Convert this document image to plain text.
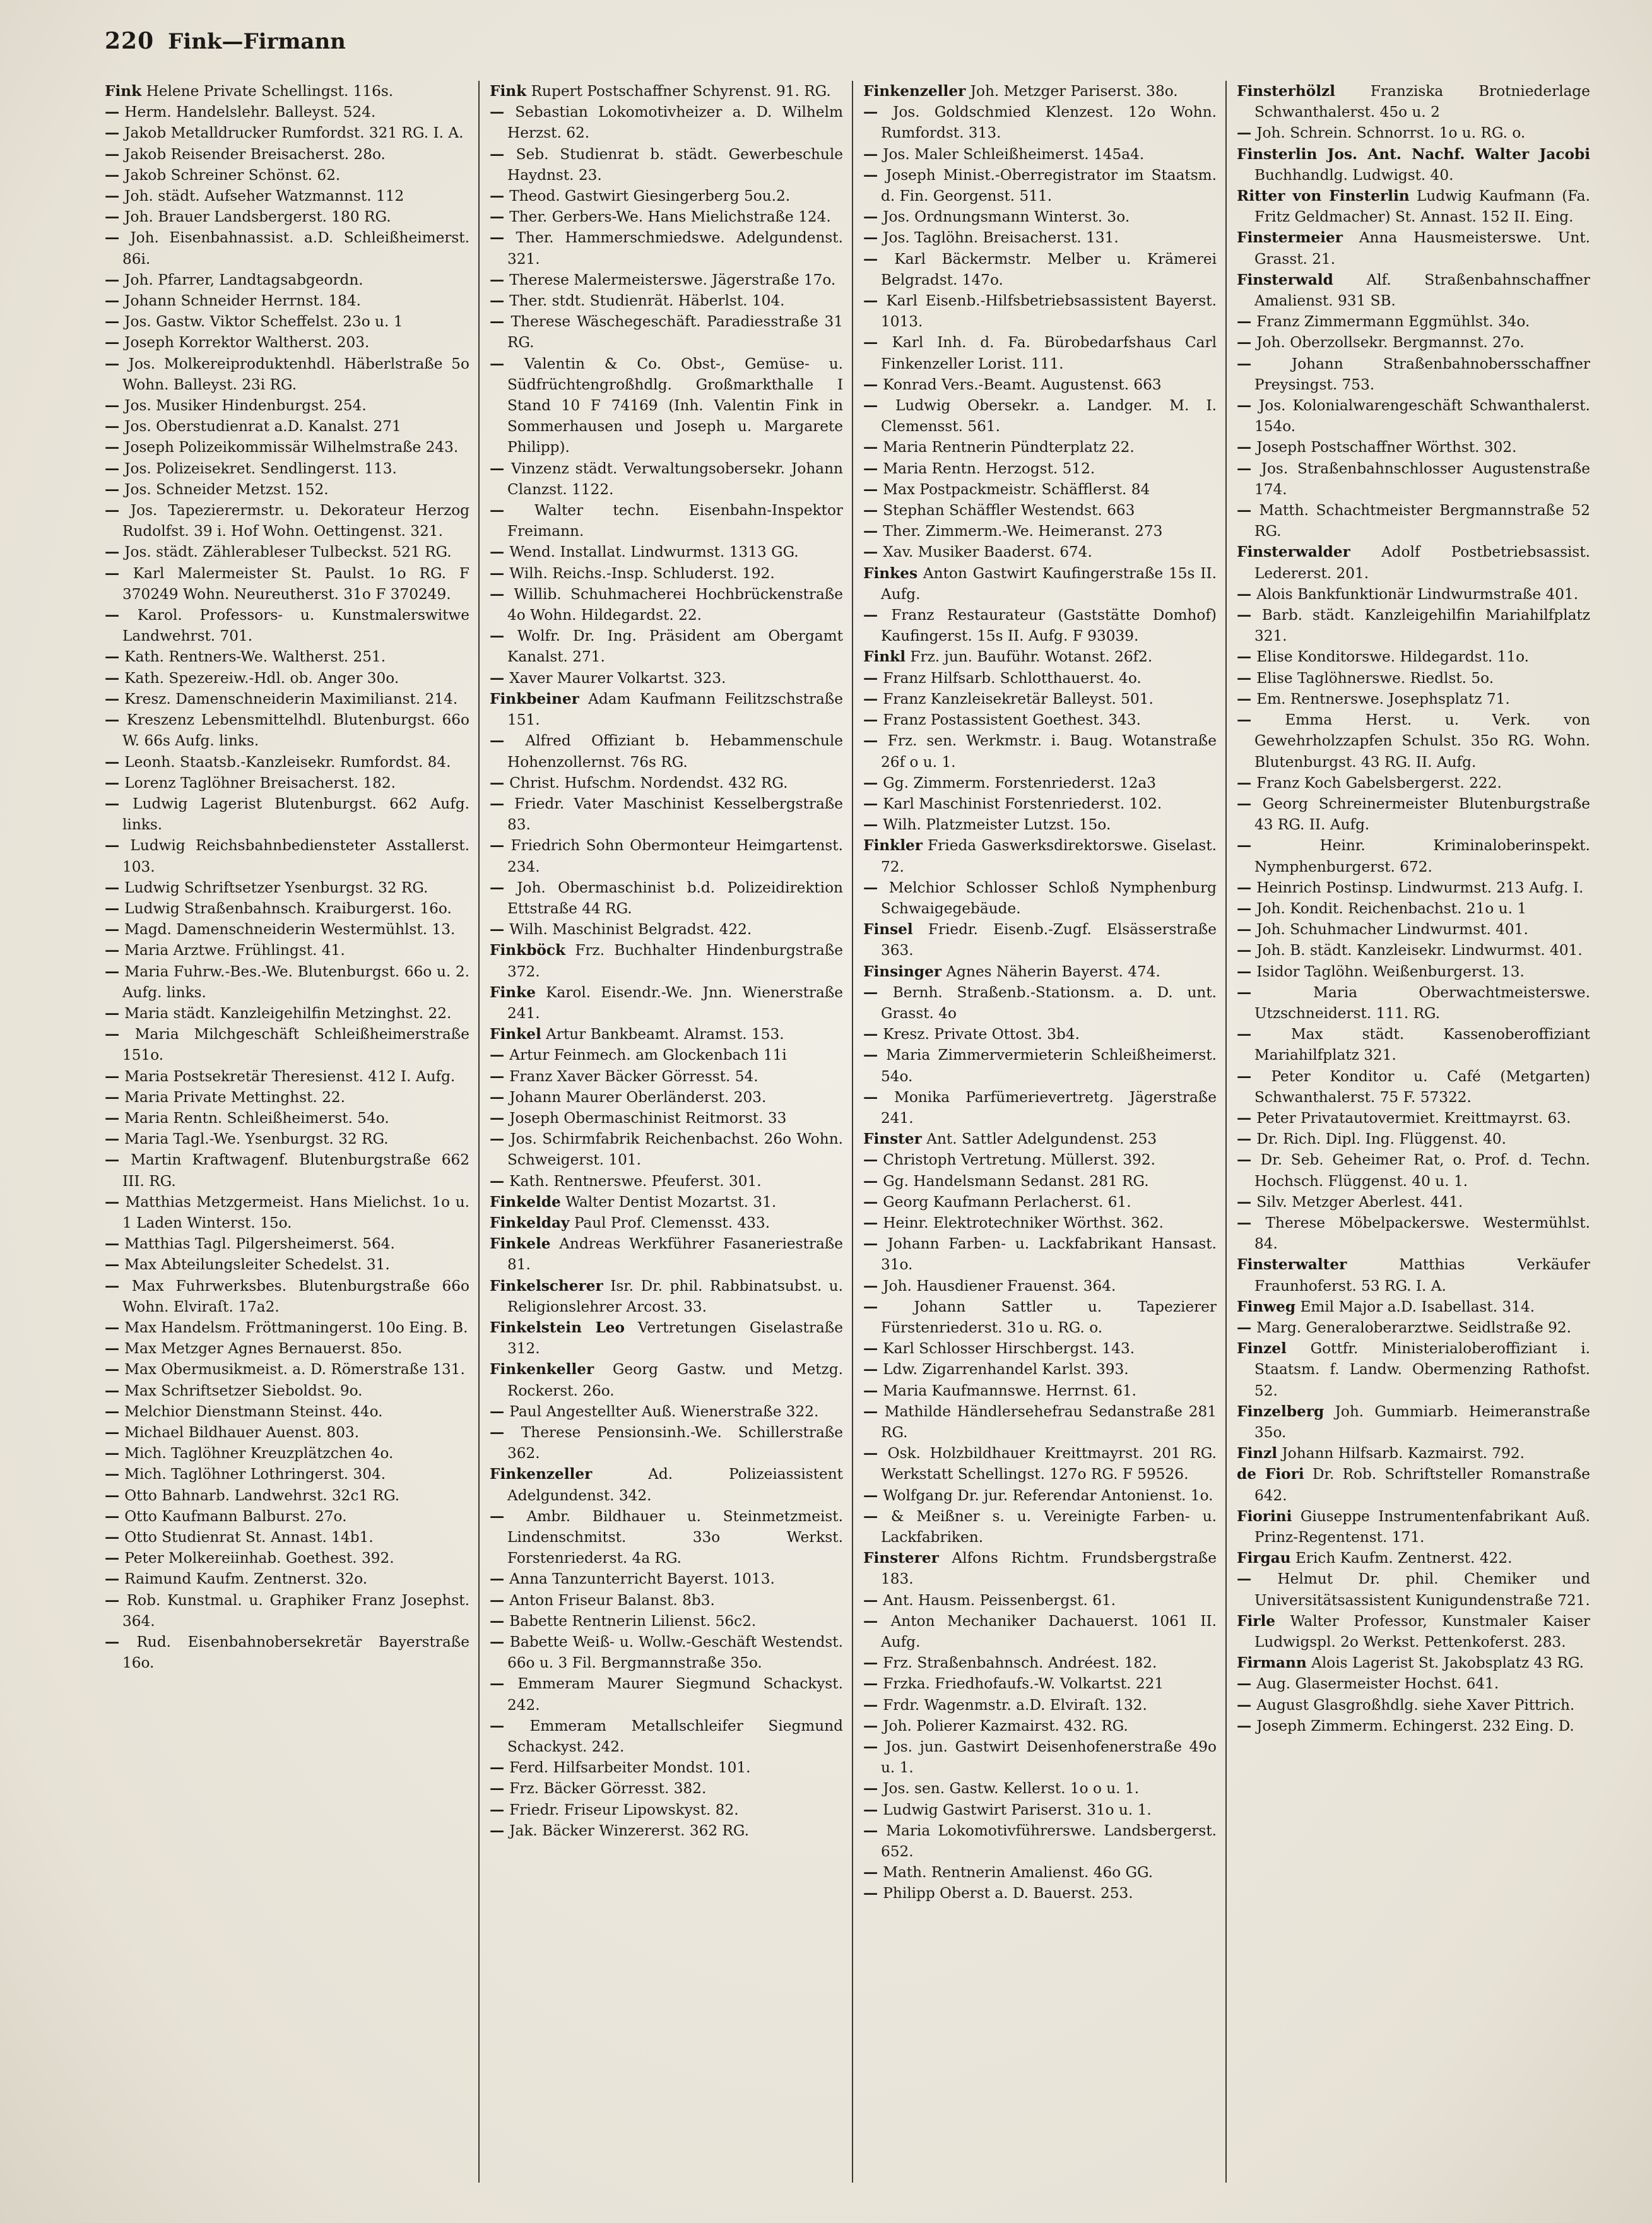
220 Fink—Firmann
Fink Helene Private Schellingst. 116s.
— Herm. Handelslehr. Balleyst. 524.
— Jakob Metalldrucker Rumfordst. 321 RG. I. A.
— Jakob Reisender Breisacherst. 28o.
— Jakob Schreiner Schönst. 62.
— Joh. städt. Aufseher Watzmannst. 112
— Joh. Brauer Landsbergerst. 180 RG.
— Joh. Eisenbahnassist. a.D. Schleißheimerst. 86i.
— Joh. Pfarrer, Landtagsabgeordn.
— Johann Schneider Herrnst. 184.
— Jos. Gastw. Viktor Scheffelst. 23o u. 1
— Joseph Korrektor Waltherst. 203.
— Jos. Molkereiproduktenhdl. Häberlstraße 5o Wohn. Balleyst. 23i RG.
— Jos. Musiker Hindenburgst. 254.
— Jos. Oberstudienrat a.D. Kanalst. 271
— Joseph Polizeikommissär Wilhelmstraße 243.
— Jos. Polizeisekret. Sendlingerst. 113.
— Jos. Schneider Metzst. 152.
— Jos. Tapezierermstr. u. Dekorateur Herzog Rudolfst. 39 i. Hof Wohn. Oettingenst. 321.
— Jos. städt. Zählerableser Tulbeckst. 521 RG.
— Karl Malermeister St. Paulst. 1o RG. F 370249 Wohn. Neureutherst. 31o F 370249.
— Karol. Professors- u. Kunstmalerswitwe Landwehrst. 701.
— Kath. Rentners-We. Waltherst. 251.
— Kath. Spezereiw.-Hdl. ob. Anger 30o.
— Kresz. Damenschneiderin Maximilianst. 214.
— Kreszenz Lebensmittelhdl. Blutenburgst. 66o W. 66s Aufg. links.
— Leonh. Staatsb.-Kanzleisekr. Rumfordst. 84.
— Lorenz Taglöhner Breisacherst. 182.
— Ludwig Lagerist Blutenburgst. 662 Aufg. links.
— Ludwig Reichsbahnbediensteter Asstallerst. 103.
— Ludwig Schriftsetzer Ysenburgst. 32 RG.
— Ludwig Straßenbahnsch. Kraiburgerst. 16o.
— Magd. Damenschneiderin Westermühlst. 13.
— Maria Arztwe. Frühlingst. 41.
— Maria Fuhrw.-Bes.-We. Blutenburgst. 66o u. 2. Aufg. links.
— Maria städt. Kanzleigehilfin Metzinghst. 22.
— Maria Milchgeschäft Schleißheimerstraße 151o.
— Maria Postsekretär Theresienst. 412 I. Aufg.
— Maria Private Mettinghst. 22.
— Maria Rentn. Schleißheimerst. 54o.
— Maria Tagl.-We. Ysenburgst. 32 RG.
— Martin Kraftwagenf. Blutenburgstraße 662 III. RG.
— Matthias Metzgermeist. Hans Mielichst. 1o u. 1 Laden Winterst. 15o.
— Matthias Tagl. Pilgersheimerst. 564.
— Max Abteilungsleiter Schedelst. 31.
— Max Fuhrwerksbes. Blutenburgstraße 66o Wohn. Elviraſt. 17a2.
— Max Handelsm. Fröttmaningerst. 10o Eing. B.
— Max Metzger Agnes Bernauerst. 85o.
— Max Obermusikmeist. a. D. Römerstraße 131.
— Max Schriftsetzer Sieboldst. 9o.
— Melchior Dienstmann Steinst. 44o.
— Michael Bildhauer Auenst. 803.
— Mich. Taglöhner Kreuzplätzchen 4o.
— Mich. Taglöhner Lothringerst. 304.
— Otto Bahnarb. Landwehrst. 32c1 RG.
— Otto Kaufmann Balburst. 27o.
— Otto Studienrat St. Annast. 14b1.
— Peter Molkereiinhab. Goethest. 392.
— Raimund Kaufm. Zentnerst. 32o.
— Rob. Kunstmal. u. Graphiker Franz Josephst. 364.
— Rud. Eisenbahnobersekretär Bayerstraße 16o.
Fink Rupert Postschaffner Schyrenst. 91. RG.
— Sebastian Lokomotivheizer a. D. Wilhelm Herzst. 62.
— Seb. Studienrat b. städt. Gewerbeschule Haydnst. 23.
— Theod. Gastwirt Giesingerberg 5ou.2.
— Ther. Gerbers-We. Hans Mielichstraße 124.
— Ther. Hammerschmiedswe. Adelgundenst. 321.
— Therese Malermeisterswe. Jägerstraße 17o.
— Ther. stdt. Studienrät. Häberlst. 104.
— Therese Wäschegeschäft. Paradiesstraße 31 RG.
— Valentin & Co. Obst-, Gemüse- u. Südfrüchtengroßhdlg. Großmarkthalle I Stand 10 F 74169 (Inh. Valentin Fink in Sommerhausen und Joseph u. Margarete Philipp).
— Vinzenz städt. Verwaltungsobersekr. Johann Clanzst. 1122.
— Walter techn. Eisenbahn-Inspektor Freimann.
— Wend. Installat. Lindwurmst. 1313 GG.
— Wilh. Reichs.-Insp. Schluderst. 192.
— Willib. Schuhmacherei Hochbrückenstraße 4o Wohn. Hildegardst. 22.
— Wolfr. Dr. Ing. Präsident am Obergamt Kanalst. 271.
— Xaver Maurer Volkartst. 323.
Finkbeiner Adam Kaufmann Feilitzschstraße 151.
— Alfred Offiziant b. Hebammenschule Hohenzollernst. 76s RG.
— Christ. Hufschm. Nordendst. 432 RG.
— Friedr. Vater Maschinist Kesselbergstraße 83.
— Friedrich Sohn Obermonteur Heimgartenst. 234.
— Joh. Obermaschinist b.d. Polizeidirektion Ettstraße 44 RG.
— Wilh. Maschinist Belgradst. 422.
Finkböck Frz. Buchhalter Hindenburgstraße 372.
Finke Karol. Eisendr.-We. Jnn. Wienerstraße 241.
Finkel Artur Bankbeamt. Alramst. 153.
— Artur Feinmech. am Glockenbach 11i
— Franz Xaver Bäcker Görresst. 54.
— Johann Maurer Oberländerst. 203.
— Joseph Obermaschinist Reitmorst. 33
— Jos. Schirmfabrik Reichenbachst. 26o Wohn. Schweigerst. 101.
— Kath. Rentnerswe. Pfeuferst. 301.
Finkelde Walter Dentist Mozartst. 31.
Finkelday Paul Prof. Clemensst. 433.
Finkele Andreas Werkführer Fasaneriestraße 81.
Finkelscherer Isr. Dr. phil. Rabbinatsubst. u. Religionslehrer Arcost. 33.
Finkelstein Leo Vertretungen Giselastraße 312.
Finkenkeller Georg Gastw. und Metzg. Rockerst. 26o.
— Paul Angestellter Auß. Wienerstraße 322.
— Therese Pensionsinh.-We. Schillerstraße 362.
Finkenzeller	Ad. Polizeiassistent Adelgundenst. 342.
— Ambr. Bildhauer u. Steinmetzmeist. Lindenschmitst. 33o Werkst. Forstenriederst. 4a RG.
— Anna Tanzunterricht Bayerst. 1013.
— Anton Friseur Balanst. 8b3.
— Babette Rentnerin Lilienst. 56c2.
— Babette Weiß- u. Wollw.-Geschäft Westendst. 66o u. 3 Fil. Bergmannstraße 35o.
— Emmeram Maurer Siegmund Schackyst. 242.
— Emmeram Metallschleifer Siegmund Schackyst. 242.
— Ferd. Hilfsarbeiter Mondst. 101.
— Frz. Bäcker Görresst. 382.
— Friedr. Friseur Lipowskyst. 82.
— Jak. Bäcker Winzererst. 362 RG.
Finkenzeller Joh. Metzger Pariserst. 38o.
— Jos. Goldschmied Klenzest. 12o Wohn. Rumfordst. 313.
— Jos. Maler Schleißheimerst. 145a4.
— Joseph Minist.-Oberregistrator im Staatsm. d. Fin. Georgenst. 511.
— Jos. Ordnungsmann Winterst. 3o.
— Jos. Taglöhn. Breisacherst. 131.
— Karl Bäckermstr. Melber u. Krämerei Belgradst. 147o.
— Karl Eisenb.-Hilfsbetriebsassistent Bayerst. 1013.
— Karl Inh. d. Fa. Bürobedarfshaus Carl Finkenzeller Lorist. 111.
— Konrad Vers.-Beamt. Augustenst. 663
— Ludwig Obersekr. a. Landger. M. I. Clemensst. 561.
— Maria Rentnerin Pündterplatz 22.
— Maria Rentn. Herzogst. 512.
— Max Postpackmeistr. Schäfflerst. 84
— Stephan Schäffler Westendst. 663
— Ther. Zimmerm.-We. Heimeranst. 273
— Xav. Musiker Baaderst. 674.
Finkes Anton Gastwirt Kaufingerstraße 15s II. Aufg.
— Franz Restaurateur (Gaststätte Domhof) Kaufingerst. 15s II. Aufg. F 93039.
Finkl Frz. jun. Bauführ. Wotanst. 26f2.
— Franz Hilfsarb. Schlotthauerst. 4o.
— Franz Kanzleisekretär Balleyst. 501.
— Franz Postassistent Goethest. 343.
— Frz. sen. Werkmstr. i. Baug. Wotanstraße 26f o u. 1.
— Gg. Zimmerm. Forstenriederst. 12a3
— Karl Maschinist Forstenriederst. 102.
— Wilh. Platzmeister Lutzst. 15o.
Finkler Frieda Gaswerksdirektorswe. Giselast. 72.
— Melchior Schlosser Schloß Nymphenburg Schwaigegebäude.
Finsel Friedr. Eisenb.-Zugf. Elsässerstraße 363.
Finsinger Agnes Näherin Bayerst. 474.
— Bernh. Straßenb.-Stationsm. a. D. unt. Grasst. 4o
— Kresz. Private Ottost. 3b4.
— Maria Zimmervermieterin Schleißheimerst. 54o.
— Monika Parfümerievertretg. Jägerstraße 241.
Finster Ant. Sattler Adelgundenst. 253
— Christoph Vertretung. Müllerst. 392.
— Gg. Handelsmann Sedanst. 281 RG.
— Georg Kaufmann Perlacherst. 61.
— Heinr. Elektrotechniker Wörthst. 362.
— Johann Farben- u. Lackfabrikant Hansast. 31o.
— Joh. Hausdiener Frauenst. 364.
— Johann Sattler u. Tapezierer Fürstenriederst. 31o u. RG. o.
— Karl Schlosser Hirschbergst. 143.
— Ldw. Zigarrenhandel Karlst. 393.
— Maria Kaufmannswe. Herrnst. 61.
— Mathilde Händlersehefrau Sedanstraße 281 RG.
— Osk. Holzbildhauer Kreittmayrst. 201 RG. Werkstatt Schellingst. 127o RG. F 59526.
— Wolfgang Dr. jur. Referendar Antonienst. 1o.
— & Meißner s. u. Vereinigte Farben- u. Lackfabriken.
Finsterer Alfons Richtm. Frundsbergstraße 183.
— Ant. Hausm. Peissenbergst. 61.
— Anton Mechaniker Dachauerst. 1061 II. Aufg.
— Frz. Straßenbahnsch. Andréest. 182.
— Frzka. Friedhofaufs.-W. Volkartst. 221
— Frdr. Wagenmstr. a.D. Elviraſt. 132.
— Joh. Polierer Kazmairst. 432. RG.
— Jos. jun. Gastwirt Deisenhofenerstraße 49o u. 1.
— Jos. sen. Gastw. Kellerst. 1o o u. 1.
— Ludwig Gastwirt Pariserst. 31o u. 1.
— Maria Lokomotivführerswe. Landsbergerst. 652.
— Math. Rentnerin Amalienst. 46o GG.
— Philipp Oberst a. D. Bauerst. 253.
Finsterhölzl Franziska Brotniederlage Schwanthalerst. 45o u. 2
— Joh. Schrein. Schnorrst. 1o u. RG. o.
Finsterlin Jos. Ant. Nachf. Walter Jacobi Buchhandlg. Ludwigst. 40.
Ritter von Finsterlin Ludwig Kaufmann (Fa. Fritz Geldmacher) St. Annast. 152 II. Eing.
Finstermeier Anna Hausmeisterswe. Unt. Grasst. 21.
Finsterwald Alf. Straßenbahnschaffner Amalienst. 931 SB.
— Franz Zimmermann Eggmühlst. 34o.
— Joh. Oberzollsekr. Bergmannst. 27o.
— Johann Straßenbahnobersschaffner Preysingst. 753.
— Jos. Kolonialwarengeschäft Schwanthalerst. 154o.
— Joseph Postschaffner Wörthst. 302.
— Jos. Straßenbahnschlosser Augustenstraße 174.
— Matth. Schachtmeister Bergmannstraße 52 RG.
Finsterwalder Adolf Postbetriebsassist. Ledererst. 201.
— Alois Bankfunktionär Lindwurmstraße 401.
— Barb. städt. Kanzleigehilfin Mariahilfplatz 321.
— Elise Konditorswe. Hildegardst. 11o.
— Elise Taglöhnerswe. Riedlst. 5o.
— Em. Rentnerswe. Josephsplatz 71.
— Emma Herst. u. Verk. von Gewehrholzzapfen Schulst. 35o RG. Wohn. Blutenburgst. 43 RG. II. Aufg.
— Franz Koch Gabelsbergerst. 222.
— Georg Schreinermeister Blutenburgstraße 43 RG. II. Aufg.
— Heinr. Kriminaloberinspekt. Nymphenburgerst. 672.
— Heinrich Postinsp. Lindwurmst. 213 Aufg. I.
— Joh. Kondit. Reichenbachst. 21o u. 1
— Joh. Schuhmacher Lindwurmst. 401.
— Joh. B. städt. Kanzleisekr. Lindwurmst. 401.
— Isidor Taglöhn. Weißenburgerst. 13.
— Maria Oberwachtmeisterswe. Utzschneiderst. 111. RG.
— Max städt. Kassenoberoffiziant Mariahilfplatz 321.
— Peter Konditor u. Café (Metgarten) Schwanthalerst. 75 F. 57322.
— Peter Privatautovermiet. Kreittmayrst. 63.
— Dr. Rich. Dipl. Ing. Flüggenst. 40.
— Dr. Seb. Geheimer Rat, o. Prof. d. Techn. Hochsch. Flüggenst. 40 u. 1.
— Silv. Metzger Aberlest. 441.
— Therese Möbelpackerswe. Westermühlst. 84.
Finsterwalter	Matthias Verkäufer Fraunhoferst. 53 RG. I. A.
Finweg Emil Major a.D. Isabellast. 314.
— Marg. Generaloberarztwe. Seidlstraße 92.
Finzel Gottfr. Ministerialoberoffiziant i. Staatsm. f. Landw. Obermenzing Rathofst. 52.
Finzelberg Joh. Gummiarb. Heimeranstraße 35o.
Finzl Johann Hilfsarb. Kazmairst. 792.
de Fiori Dr. Rob. Schriftsteller Romanstraße 642.
Fiorini Giuseppe Instrumentenfabrikant Auß. Prinz-Regentenst. 171.
Firgau Erich Kaufm. Zentnerst. 422.
— Helmut Dr. phil. Chemiker und Universitätsassistent Kunigundenstraße 721.
Firle Walter Professor, Kunstmaler Kaiser Ludwigspl. 2o Werkst. Pettenkoferst. 283.
Firmann Alois Lagerist St. Jakobsplatz 43 RG.
— Aug. Glasermeister Hochst. 641.
— August Glasgroßhdlg. siehe Xaver Pittrich.
— Joseph Zimmerm. Echingerst. 232 Eing. D.
